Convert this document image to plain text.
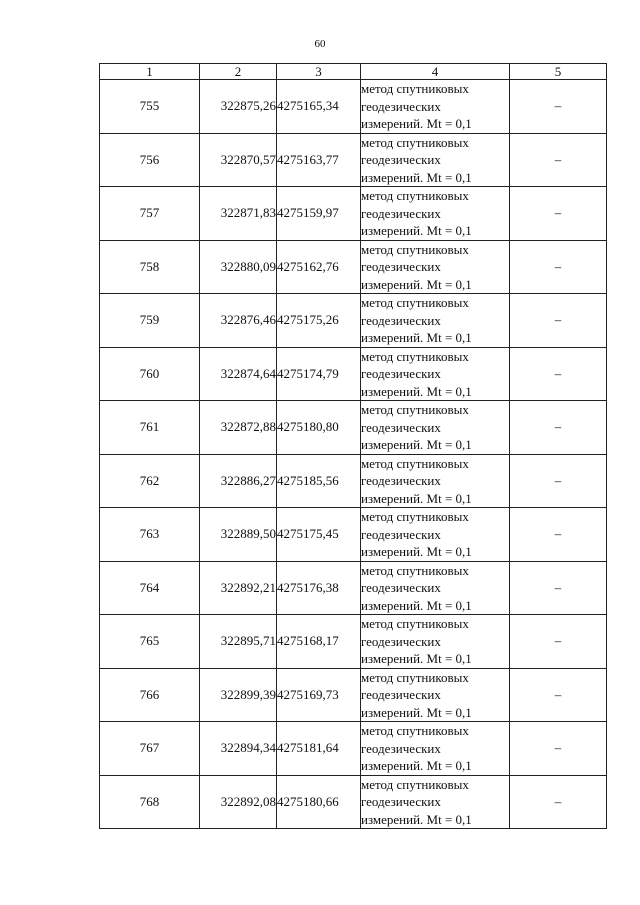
60
1	2	3	4	5
755	322875,26	4275165,34	метод спутниковых
геодезических
измерений. Mt = 0,1	–
756	322870,57	4275163,77	метод спутниковых
геодезических
измерений. Mt = 0,1	–
757	322871,83	4275159,97	метод спутниковых
геодезических
измерений. Mt = 0,1	–
758	322880,09	4275162,76	метод спутниковых
геодезических
измерений. Mt = 0,1	–
759	322876,46	4275175,26	метод спутниковых
геодезических
измерений. Mt = 0,1	–
760	322874,64	4275174,79	метод спутниковых
геодезических
измерений. Mt = 0,1	–
761	322872,88	4275180,80	метод спутниковых
геодезических
измерений. Mt = 0,1	–
762	322886,27	4275185,56	метод спутниковых
геодезических
измерений. Mt = 0,1	–
763	322889,50	4275175,45	метод спутниковых
геодезических
измерений. Mt = 0,1	–
764	322892,21	4275176,38	метод спутниковых
геодезических
измерений. Mt = 0,1	–
765	322895,71	4275168,17	метод спутниковых
геодезических
измерений. Mt = 0,1	–
766	322899,39	4275169,73	метод спутниковых
геодезических
измерений. Mt = 0,1	–
767	322894,34	4275181,64	метод спутниковых
геодезических
измерений. Mt = 0,1	–
768	322892,08	4275180,66	метод спутниковых
геодезических
измерений. Mt = 0,1	–
